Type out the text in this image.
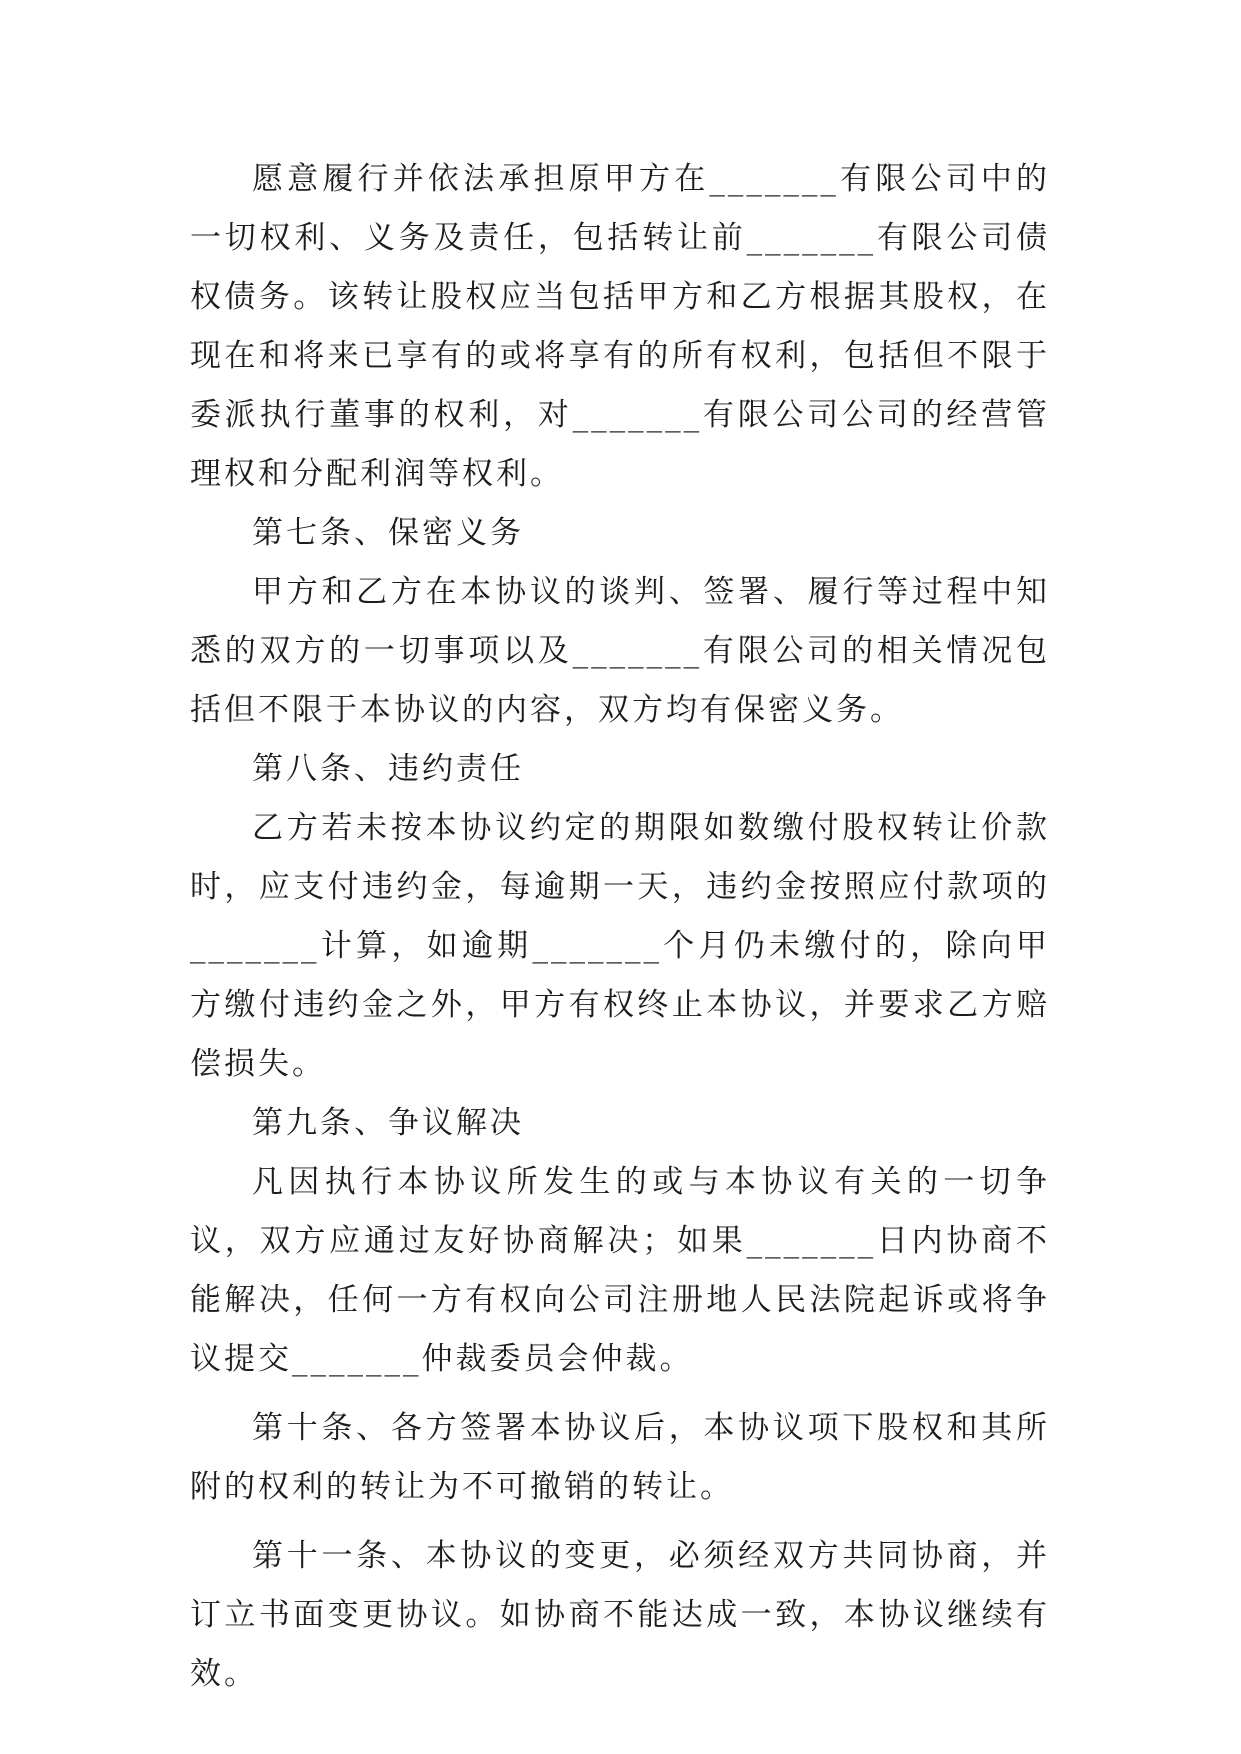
愿意履行并依法承担原甲方在_______有限公司中的一切权利、义务及责任，包括转让前_______有限公司债权债务。该转让股权应当包括甲方和乙方根据其股权，在现在和将来已享有的或将享有的所有权利，包括但不限于委派执行董事的权利，对_______有限公司公司的经营管理权和分配利润等权利。

第七条、保密义务

甲方和乙方在本协议的谈判、签署、履行等过程中知悉的双方的一切事项以及_______有限公司的相关情况包括但不限于本协议的内容，双方均有保密义务。

第八条、违约责任

乙方若未按本协议约定的期限如数缴付股权转让价款时，应支付违约金，每逾期一天，违约金按照应付款项的_______计算，如逾期_______个月仍未缴付的，除向甲方缴付违约金之外，甲方有权终止本协议，并要求乙方赔偿损失。

第九条、争议解决

凡因执行本协议所发生的或与本协议有关的一切争议，双方应通过友好协商解决；如果_______日内协商不能解决，任何一方有权向公司注册地人民法院起诉或将争议提交_______仲裁委员会仲裁。

第十条、各方签署本协议后，本协议项下股权和其所附的权利的转让为不可撤销的转让。

第十一条、本协议的变更，必须经双方共同协商，并订立书面变更协议。如协商不能达成一致，本协议继续有效。
